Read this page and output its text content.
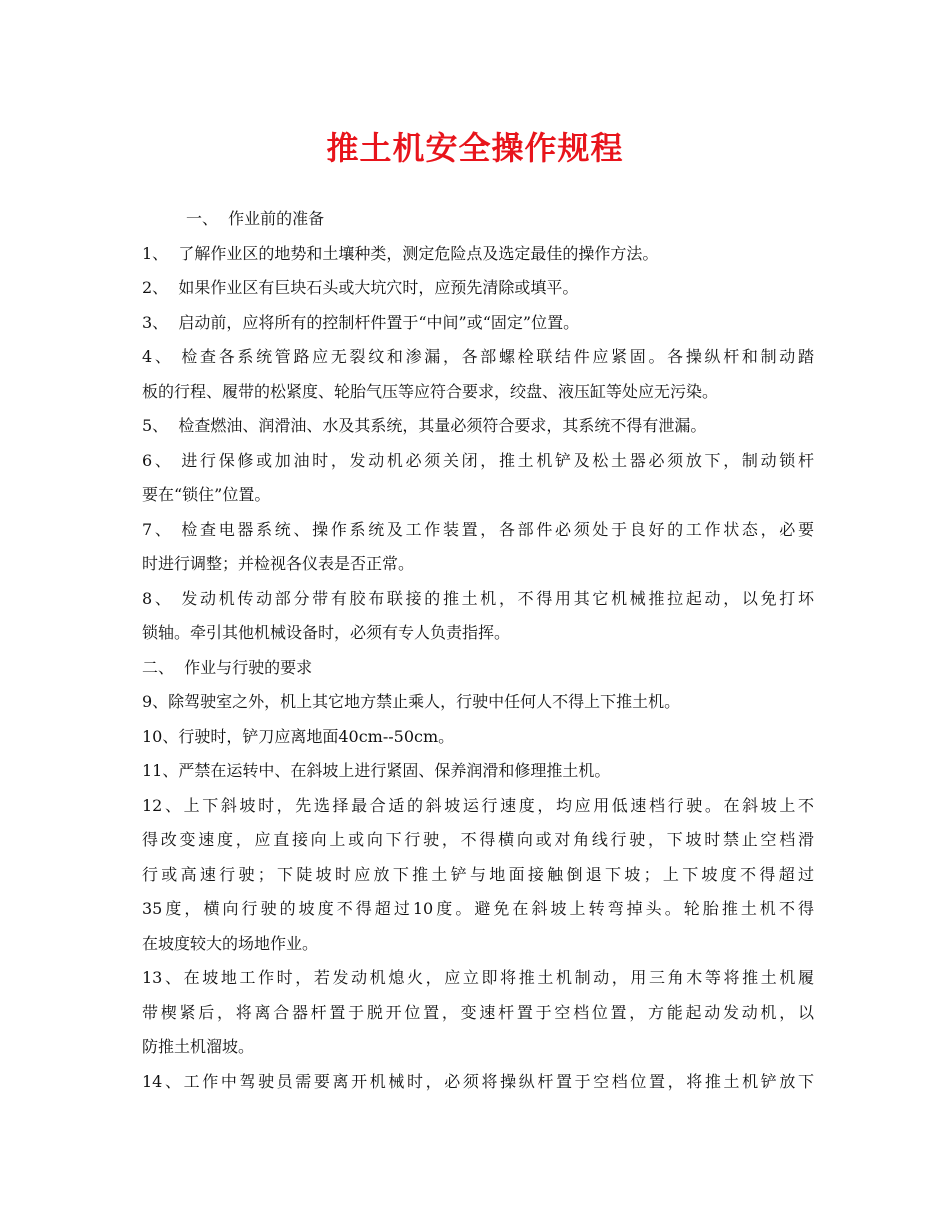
推土机安全操作规程
一、  作业前的准备
1、  了解作业区的地势和土壤种类，测定危险点及选定最佳的操作方法。
2、  如果作业区有巨块石头或大坑穴时，应预先清除或填平。
3、  启动前，应将所有的控制杆件置于“中间”或“固定”位置。
4、 检查各系统管路应无裂纹和渗漏，各部螺栓联结件应紧固。各操纵杆和制动踏
板的行程、履带的松紧度、轮胎气压等应符合要求，绞盘、液压缸等处应无污染。
5、  检查燃油、润滑油、水及其系统，其量必须符合要求，其系统不得有泄漏。
6、 进行保修或加油时，发动机必须关闭，推土机铲及松土器必须放下，制动锁杆
要在“锁住”位置。
7、 检查电器系统、操作系统及工作装置，各部件必须处于良好的工作状态，必要
时进行调整；并检视各仪表是否正常。
8、 发动机传动部分带有胶布联接的推土机，不得用其它机械推拉起动，以免打坏
锁轴。牵引其他机械设备时，必须有专人负责指挥。
二、  作业与行驶的要求
9、除驾驶室之外，机上其它地方禁止乘人，行驶中任何人不得上下推土机。
10、行驶时，铲刀应离地面40cm--50cm。
11、严禁在运转中、在斜坡上进行紧固、保养润滑和修理推土机。
12、上下斜坡时，先选择最合适的斜坡运行速度，均应用低速档行驶。在斜坡上不
得改变速度，应直接向上或向下行驶，不得横向或对角线行驶，下坡时禁止空档滑
行或高速行驶；下陡坡时应放下推土铲与地面接触倒退下坡；上下坡度不得超过
35度，横向行驶的坡度不得超过10度。避免在斜坡上转弯掉头。轮胎推土机不得
在坡度较大的场地作业。
13、在坡地工作时，若发动机熄火，应立即将推土机制动，用三角木等将推土机履
带楔紧后，将离合器杆置于脱开位置，变速杆置于空档位置，方能起动发动机，以
防推土机溜坡。
14、工作中驾驶员需要离开机械时，必须将操纵杆置于空档位置，将推土机铲放下
